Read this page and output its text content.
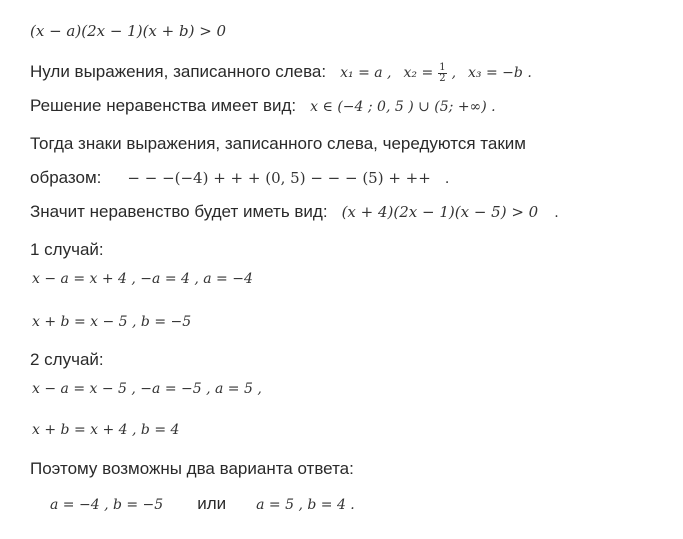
(x − a)(2x − 1)(x + b) > 0
Нули выражения, записанного слева: x₁ = a , $x_2 = \frac{1}{2}$ , x₃ = −b .
Решение неравенства имеет вид: x ∈ (−4 ; 0, 5 ) ∪ (5; +∞) .
Тогда знаки выражения, записанного слева, чередуются таким
образом: − − −(−4) + + + (0, 5) − − − (5) + ++ .
Значит неравенство будет иметь вид: (x + 4)(2x − 1)(x − 5) > 0 .
1 случай:
x − a = x + 4 , −a = 4 , a = −4
x + b = x − 5 , b = −5
2 случай:
x − a = x − 5 , −a = −5 , a = 5 ,
x + b = x + 4 , b = 4
Поэтому возможны два варианта ответа:
a = −4 , b = −5 или a = 5 , b = 4 .
